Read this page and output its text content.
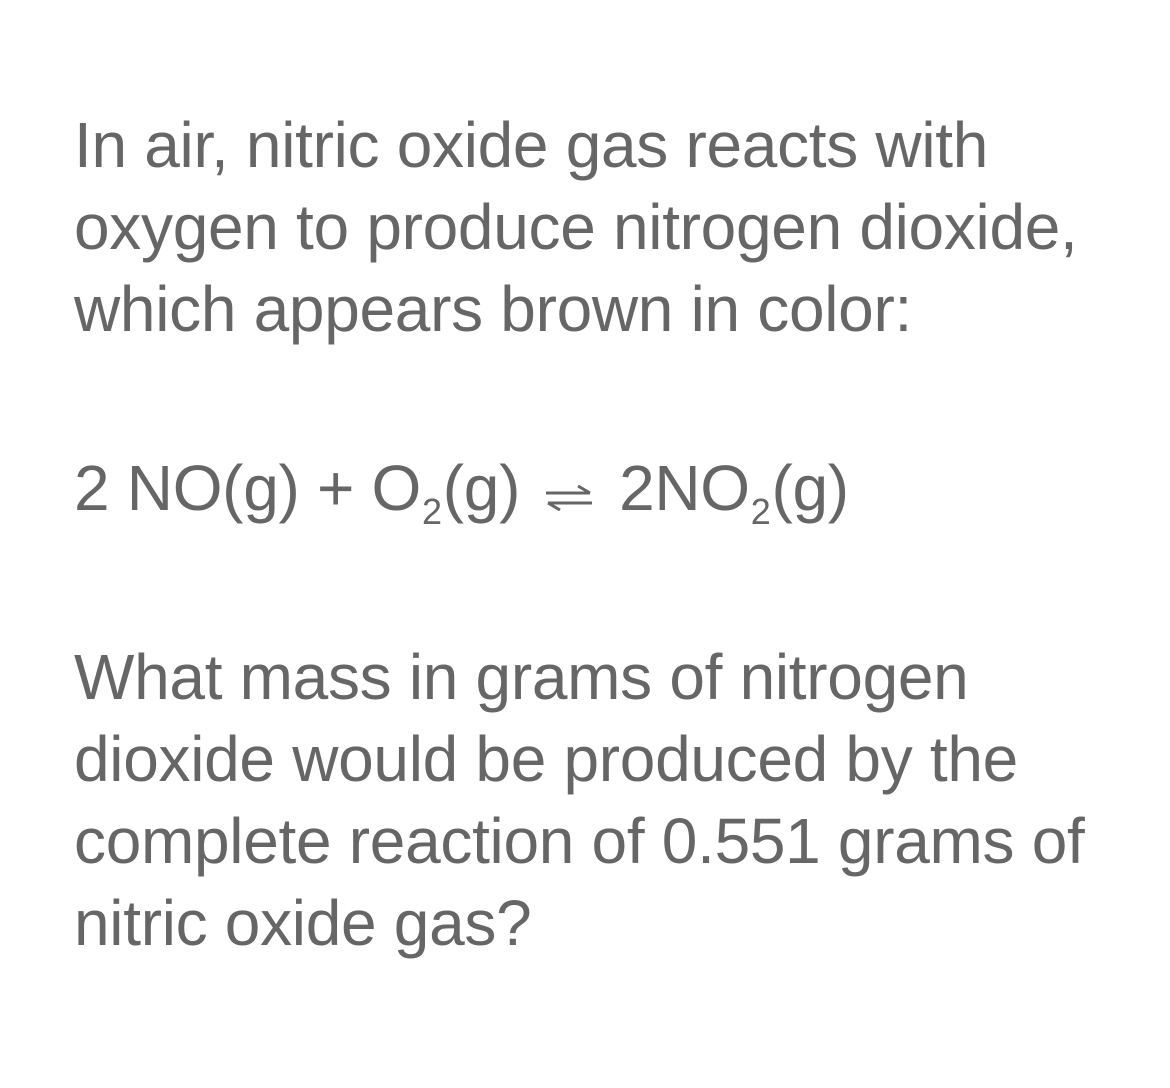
In air, nitric oxide gas reacts with oxygen to produce nitrogen dioxide, which appears brown in color:

2 $NO(g) + O_2(g)$ ⇌ $2NO_2(g)$

What mass in grams of nitrogen dioxide would be produced by the complete reaction of 0.551 grams of nitric oxide gas?
